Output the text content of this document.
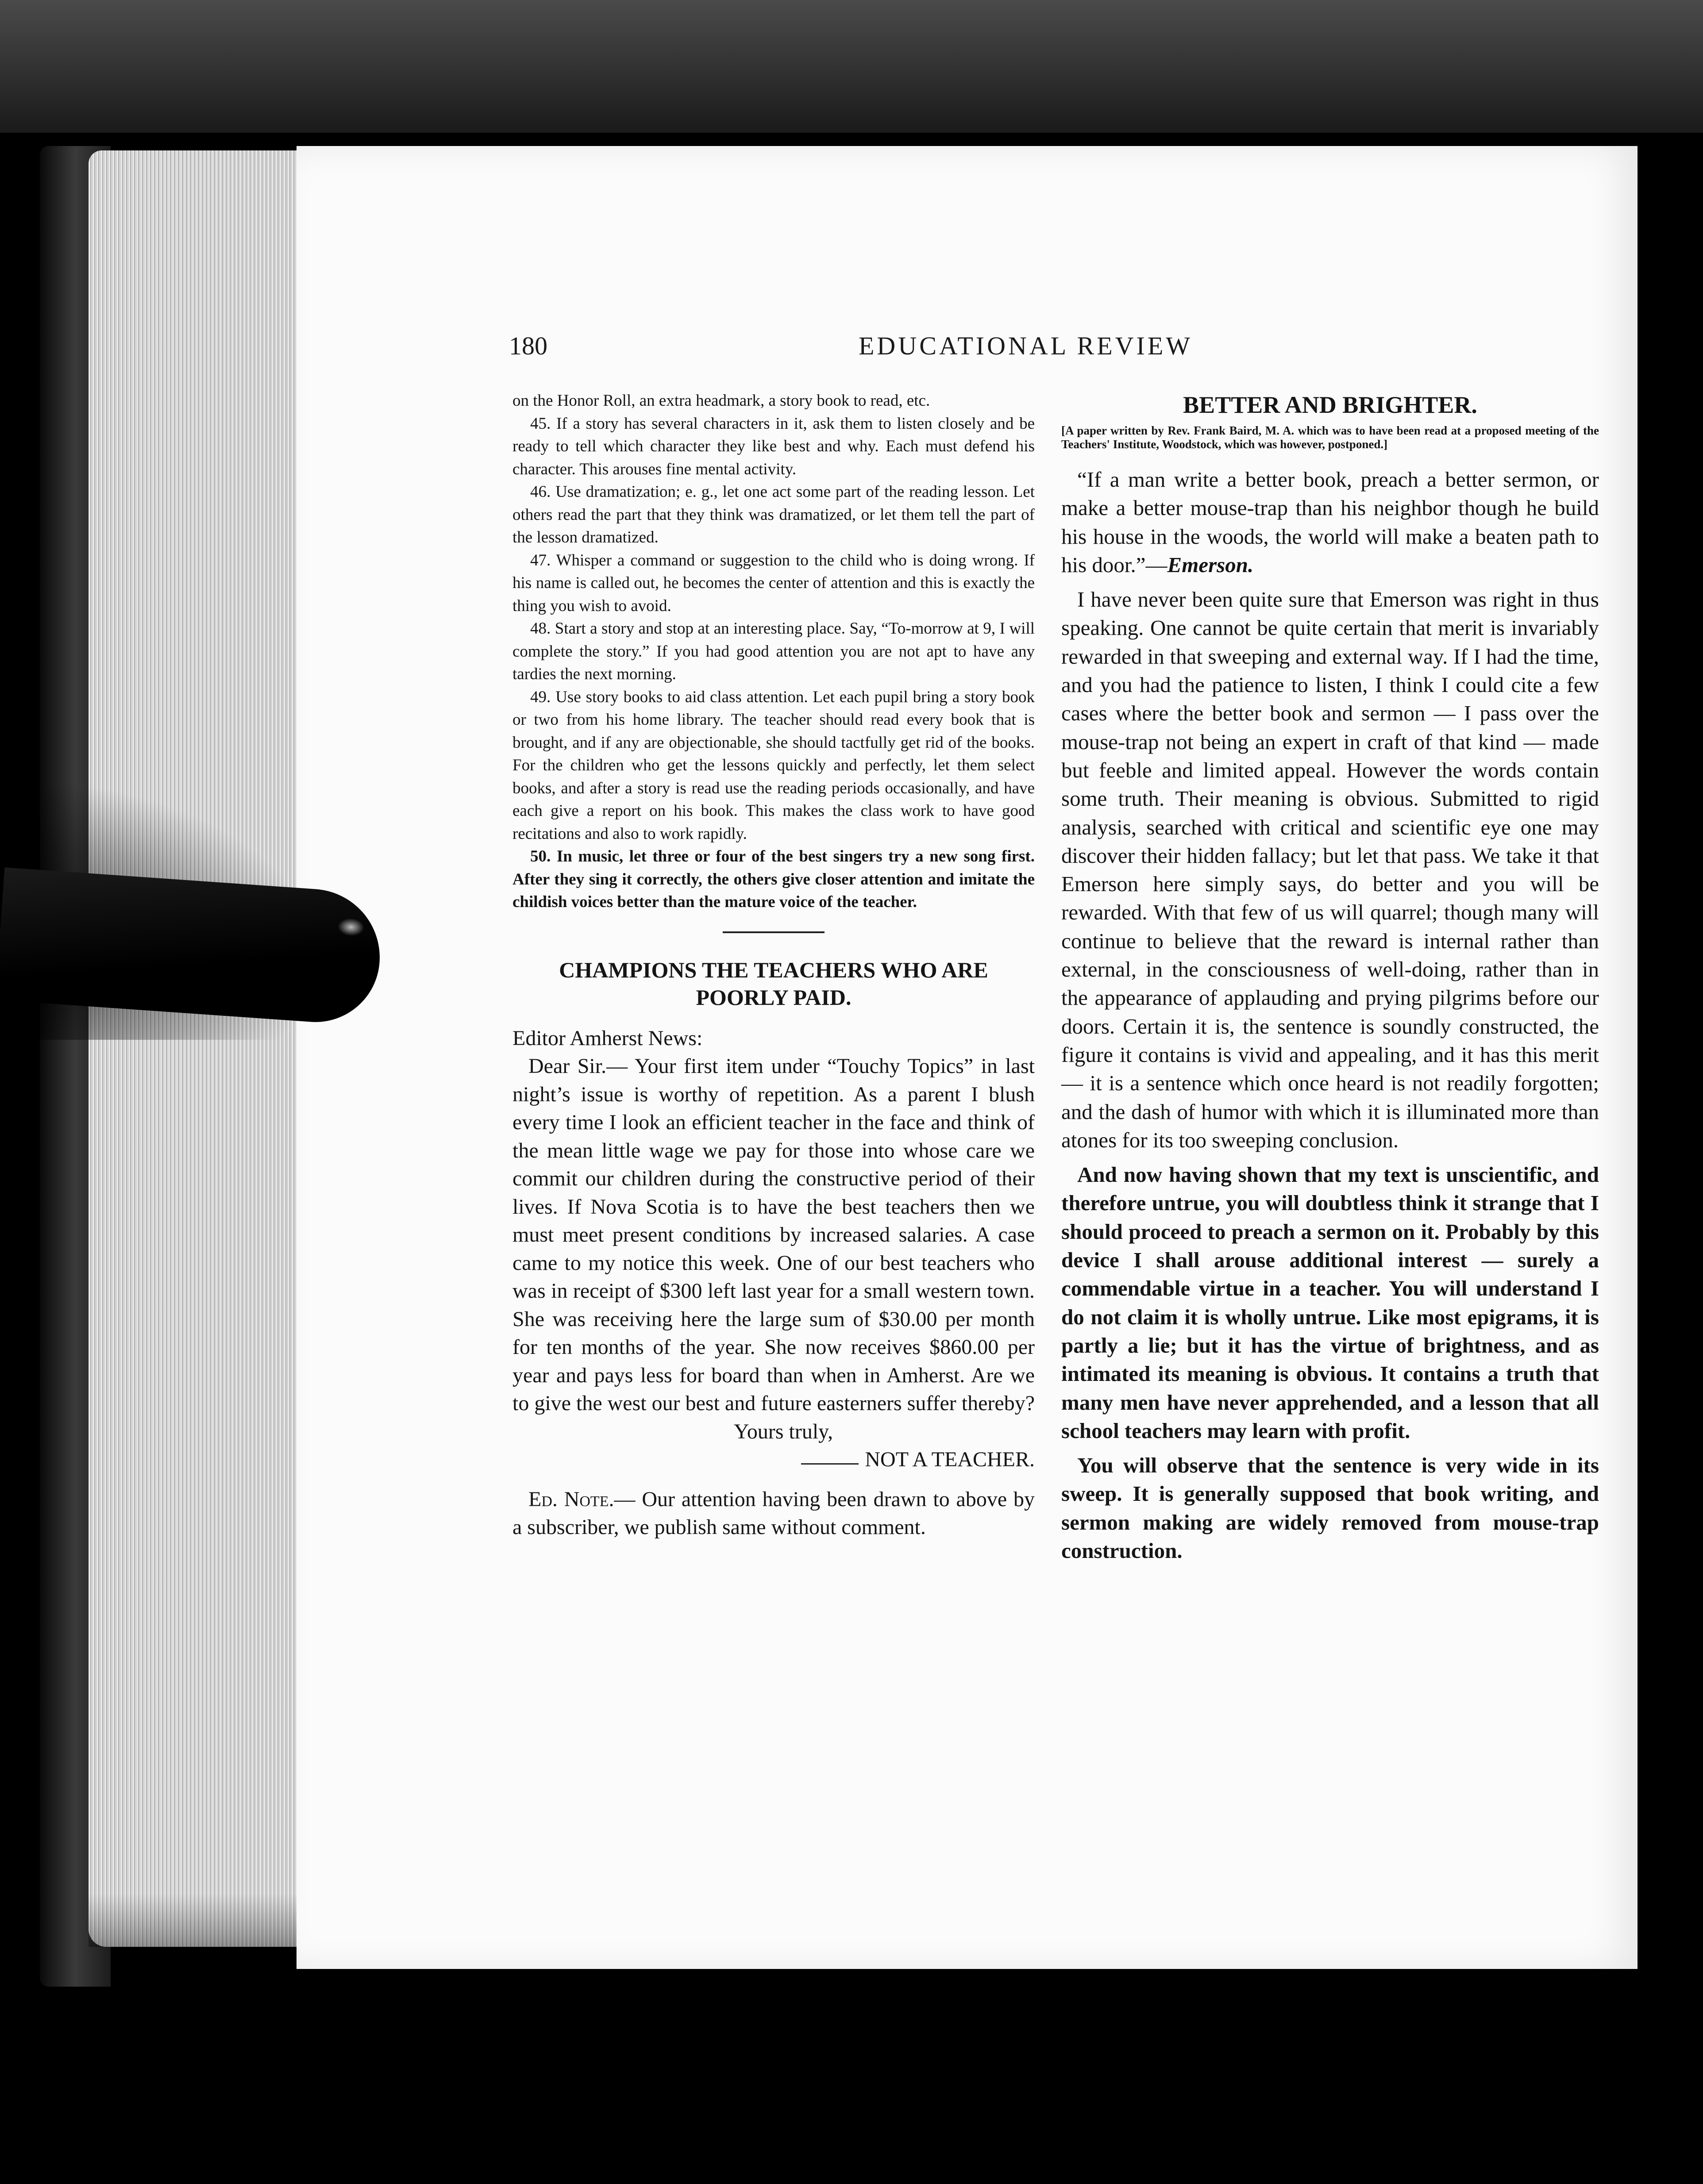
180	EDUCATIONAL REVIEW

on the Honor Roll, an extra headmark, a story book to read, etc.

45. If a story has several characters in it, ask them to listen closely and be ready to tell which character they like best and why. Each must defend his character. This arouses fine mental activity.

46. Use dramatization; e. g., let one act some part of the reading lesson. Let others read the part that they think was dramatized, or let them tell the part of the lesson dramatized.

47. Whisper a command or suggestion to the child who is doing wrong. If his name is called out, he becomes the center of attention and this is exactly the thing you wish to avoid.

48. Start a story and stop at an interesting place. Say, “To-morrow at 9, I will complete the story.” If you had good attention you are not apt to have any tardies the next morning.

49. Use story books to aid class attention. Let each pupil bring a story book or two from his home library. The teacher should read every book that is brought, and if any are objectionable, she should tactfully get rid of the books. For the children who get the lessons quickly and perfectly, let them select books, and after a story is read use the reading periods occasionally, and have each give a report on his book. This makes the class work to have good recitations and also to work rapidly.

50. In music, let three or four of the best singers try a new song first. After they sing it correctly, the others give closer attention and imitate the childish voices better than the mature voice of the teacher.

CHAMPIONS THE TEACHERS WHO ARE POORLY PAID.

Editor Amherst News:

Dear Sir.— Your first item under “Touchy Topics” in last night’s issue is worthy of repetition. As a parent I blush every time I look an efficient teacher in the face and think of the mean little wage we pay for those into whose care we commit our children during the constructive period of their lives. If Nova Scotia is to have the best teachers then we must meet present conditions by increased salaries. A case came to my notice this week. One of our best teachers who was in receipt of $300 left last year for a small western town. She was receiving here the large sum of $30.00 per month for ten months of the year. She now receives $860.00 per year and pays less for board than when in Amherst. Are we to give the west our best and future easterners suffer thereby?

Yours truly,
NOT A TEACHER.

Ed. Note.— Our attention having been drawn to above by a subscriber, we publish same without comment.

BETTER AND BRIGHTER.
[A paper written by Rev. Frank Baird, M. A. which was to have been read at a proposed meeting of the Teachers' Institute, Woodstock, which was however, postponed.]

“If a man write a better book, preach a better sermon, or make a better mouse-trap than his neighbor though he build his house in the woods, the world will make a beaten path to his door.”—Emerson.

I have never been quite sure that Emerson was right in thus speaking. One cannot be quite certain that merit is invariably rewarded in that sweeping and external way. If I had the time, and you had the patience to listen, I think I could cite a few cases where the better book and sermon — I pass over the mouse-trap not being an expert in craft of that kind — made but feeble and limited appeal. However the words contain some truth. Their meaning is obvious. Submitted to rigid analysis, searched with critical and scientific eye one may discover their hidden fallacy; but let that pass. We take it that Emerson here simply says, do better and you will be rewarded. With that few of us will quarrel; though many will continue to believe that the reward is internal rather than external, in the consciousness of well-doing, rather than in the appearance of applauding and prying pilgrims before our doors. Certain it is, the sentence is soundly constructed, the figure it contains is vivid and appealing, and it has this merit — it is a sentence which once heard is not readily forgotten; and the dash of humor with which it is illuminated more than atones for its too sweeping conclusion.

And now having shown that my text is unscientific, and therefore untrue, you will doubtless think it strange that I should proceed to preach a sermon on it. Probably by this device I shall arouse additional interest — surely a commendable virtue in a teacher. You will understand I do not claim it is wholly untrue. Like most epigrams, it is partly a lie; but it has the virtue of brightness, and as intimated its meaning is obvious. It contains a truth that many men have never apprehended, and a lesson that all school teachers may learn with profit.

You will observe that the sentence is very wide in its sweep. It is generally supposed that book writing, and sermon making are widely removed from mouse-trap construction.
